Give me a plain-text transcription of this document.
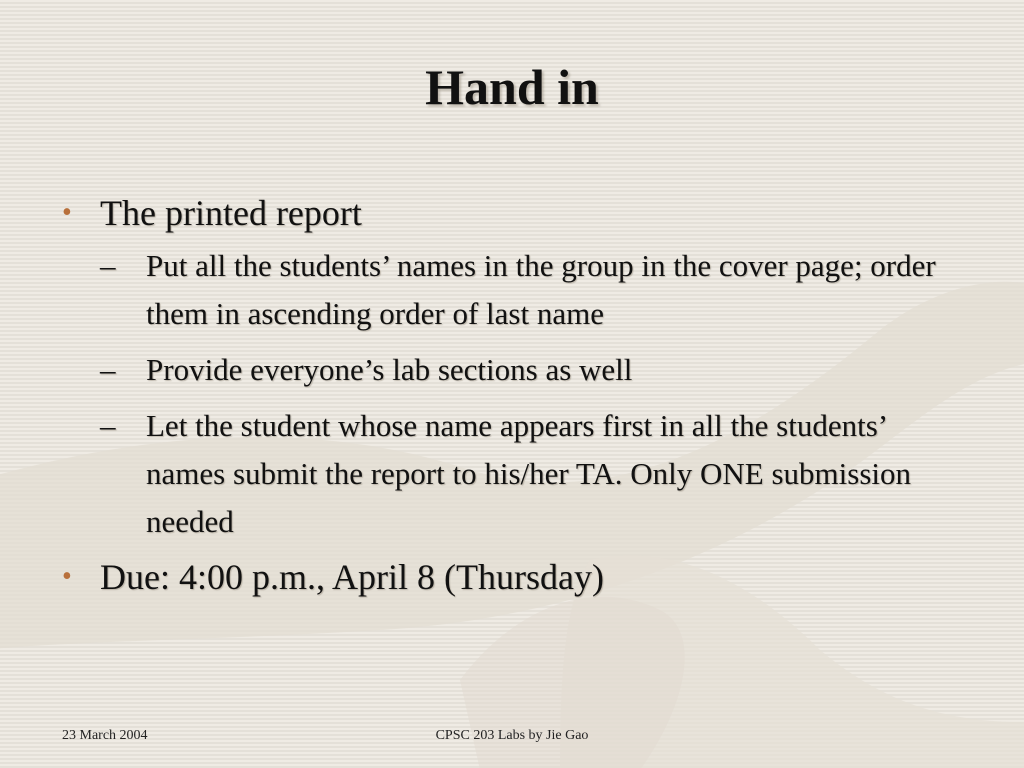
Hand in
• The printed report
– Put all the students’ names in the group in the cover page; order them in ascending order of last name
– Provide everyone’s lab sections as well
– Let the student whose name appears first in all the students’ names submit the report to his/her TA. Only ONE submission needed
• Due: 4:00 p.m., April 8 (Thursday)
23 March 2004	CPSC 203 Labs by Jie Gao
